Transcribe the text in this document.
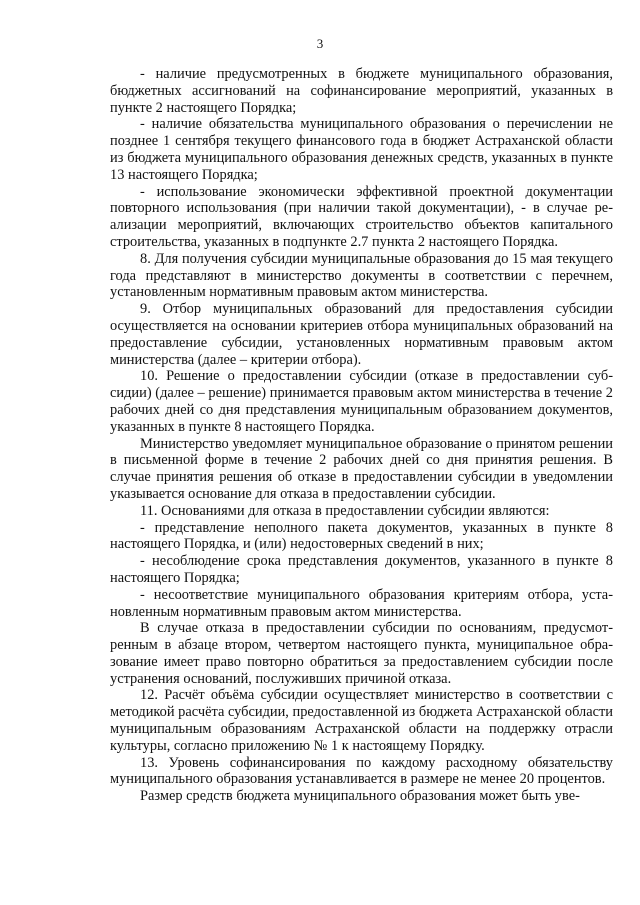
3

- наличие предусмотренных в бюджете муниципального образования, бюджетных ассигнований на софинансирование мероприятий, указанных в пункте 2 настоящего Порядка;

- наличие обязательства муниципального образования о перечислении не позднее 1 сентября текущего финансового года в бюджет Астраханской области из бюджета муниципального образования денежных средств, указанных в пункте 13 настоящего Порядка;

- использование экономически эффективной проектной документации повторного использования (при наличии такой документации), - в случае реализации мероприятий, включающих строительство объектов капитального строительства, указанных в подпункте 2.7 пункта 2 настоящего Порядка.

8. Для получения субсидии муниципальные образования до 15 мая текущего года представляют в министерство документы в соответствии с перечнем, установленным нормативным правовым актом министерства.

9. Отбор муниципальных образований для предоставления субсидии осуществляется на основании критериев отбора муниципальных образований на предоставление субсидии, установленных нормативным правовым актом министерства (далее – критерии отбора).

10. Решение о предоставлении субсидии (отказе в предоставлении субсидии) (далее – решение) принимается правовым актом министерства в течение 2 рабочих дней со дня представления муниципальным образованием документов, указанных в пункте 8 настоящего Порядка.

Министерство уведомляет муниципальное образование о принятом решении в письменной форме в течение 2 рабочих дней со дня принятия решения. В случае принятия решения об отказе в предоставлении субсидии в уведомлении указывается основание для отказа в предоставлении субсидии.

11. Основаниями для отказа в предоставлении субсидии являются:

- представление неполного пакета документов, указанных в пункте 8 настоящего Порядка, и (или) недостоверных сведений в них;

- несоблюдение срока представления документов, указанного в пункте 8 настоящего Порядка;

- несоответствие муниципального образования критериям отбора, установленным нормативным правовым актом министерства.

В случае отказа в предоставлении субсидии по основаниям, предусмотренным в абзаце втором, четвертом настоящего пункта, муниципальное образование имеет право повторно обратиться за предоставлением субсидии после устранения оснований, послуживших причиной отказа.

12. Расчёт объёма субсидии осуществляет министерство в соответствии с методикой расчёта субсидии, предоставленной из бюджета Астраханской области муниципальным образованиям Астраханской области на поддержку отрасли культуры, согласно приложению № 1 к настоящему Порядку.

13. Уровень софинансирования по каждому расходному обязательству муниципального образования устанавливается в размере не менее 20 процентов.

Размер средств бюджета муниципального образования может быть уве-
